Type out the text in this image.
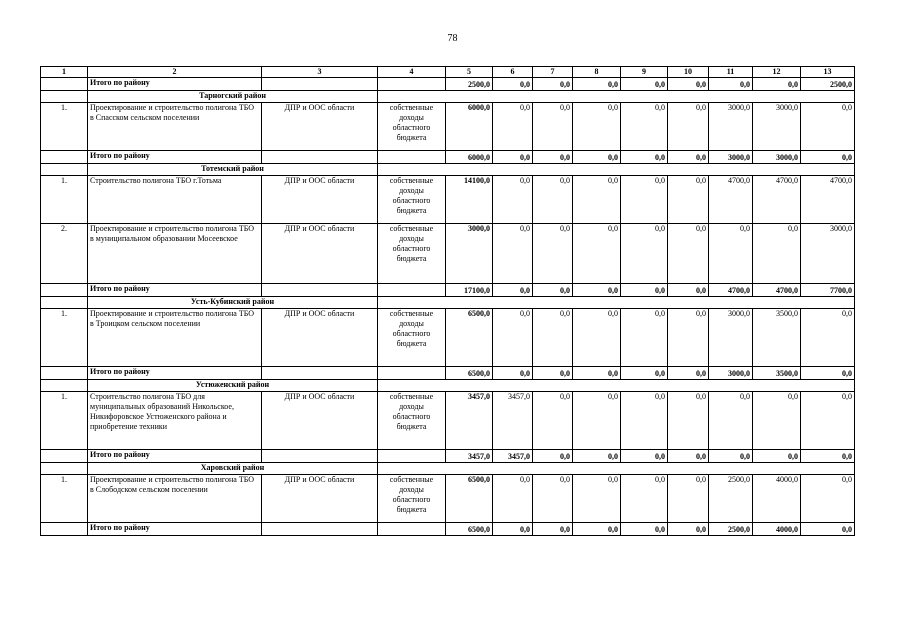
78
1	2	3	4	5	6	7	8	9	10	11	12	13
	Итого по району			2500,0	0,0	0,0	0,0	0,0	0,0	0,0	0,0	2500,0
	Тарногский район											
1.	Проектирование и строительство полигона ТБО в Спасском сельском поселении	ДПР и ООС области	собственные доходы областного бюджета	6000,0	0,0	0,0	0,0	0,0	0,0	3000,0	3000,0	0,0
	Итого по району			6000,0	0,0	0,0	0,0	0,0	0,0	3000,0	3000,0	0,0
	Тотемский район											
1.	Строительство полигона ТБО г.Тотьма	ДПР и ООС области	собственные доходы областного бюджета	14100,0	0,0	0,0	0,0	0,0	0,0	4700,0	4700,0	4700,0
2.	Проектирование и строительство полигона ТБО в муниципальном образовании Мосеевское	ДПР и ООС области	собственные доходы областного бюджета	3000,0	0,0	0,0	0,0	0,0	0,0	0,0	0,0	3000,0
	Итого по району			17100,0	0,0	0,0	0,0	0,0	0,0	4700,0	4700,0	7700,0
	Усть-Кубинский район											
1.	Проектирование и строительство полигона ТБО в Троицком сельском поселении	ДПР и ООС области	собственные доходы областного бюджета	6500,0	0,0	0,0	0,0	0,0	0,0	3000,0	3500,0	0,0
	Итого по району			6500,0	0,0	0,0	0,0	0,0	0,0	3000,0	3500,0	0,0
	Устюженский район											
1.	Строительство полигона ТБО для муниципальных образований Никольское, Никифоровское Устюженского района и приобретение техники	ДПР и ООС области	собственные доходы областного бюджета	3457,0	3457,0	0,0	0,0	0,0	0,0	0,0	0,0	0,0
	Итого по району			3457,0	3457,0	0,0	0,0	0,0	0,0	0,0	0,0	0,0
	Харовский район											
1.	Проектирование и строительство полигона ТБО в Слободском сельском поселении	ДПР и ООС области	собственные доходы областного бюджета	6500,0	0,0	0,0	0,0	0,0	0,0	2500,0	4000,0	0,0
	Итого по району			6500,0	0,0	0,0	0,0	0,0	0,0	2500,0	4000,0	0,0
